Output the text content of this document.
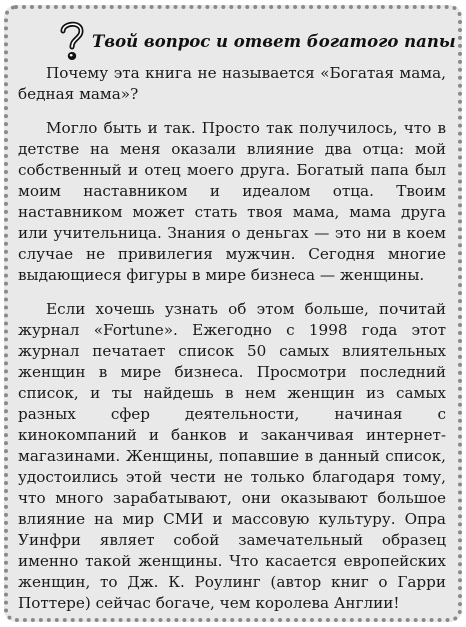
Твой вопрос и ответ богатого папы

Почему эта книга не называется «Богатая мама, бедная мама»?

Могло быть и так. Просто так получилось, что в детстве на меня оказали влияние два отца: мой собственный и отец моего друга. Богатый папа был моим наставником и идеалом отца. Твоим наставником может стать твоя мама, мама друга или учительница. Знания о деньгах — это ни в коем случае не привилегия мужчин. Сегодня многие выдающиеся фигуры в мире бизнеса — женщины.

Если хочешь узнать об этом больше, почитай журнал «Fortune». Ежегодно с 1998 года этот журнал печатает список 50 самых влиятельных женщин в мире бизнеса. Просмотри последний список, и ты найдешь в нем женщин из самых разных сфер деятельности, начиная с кинокомпаний и банков и заканчивая интернет-магазинами. Женщины, попавшие в данный список, удостоились этой чести не только благодаря тому, что много зарабатывают, они оказывают большое влияние на мир СМИ и массовую культуру. Опра Уинфри являет собой замечательный образец именно такой женщины. Что касается европейских женщин, то Дж. К. Роулинг (автор книг о Гарри Поттере) сейчас богаче, чем королева Англии!
